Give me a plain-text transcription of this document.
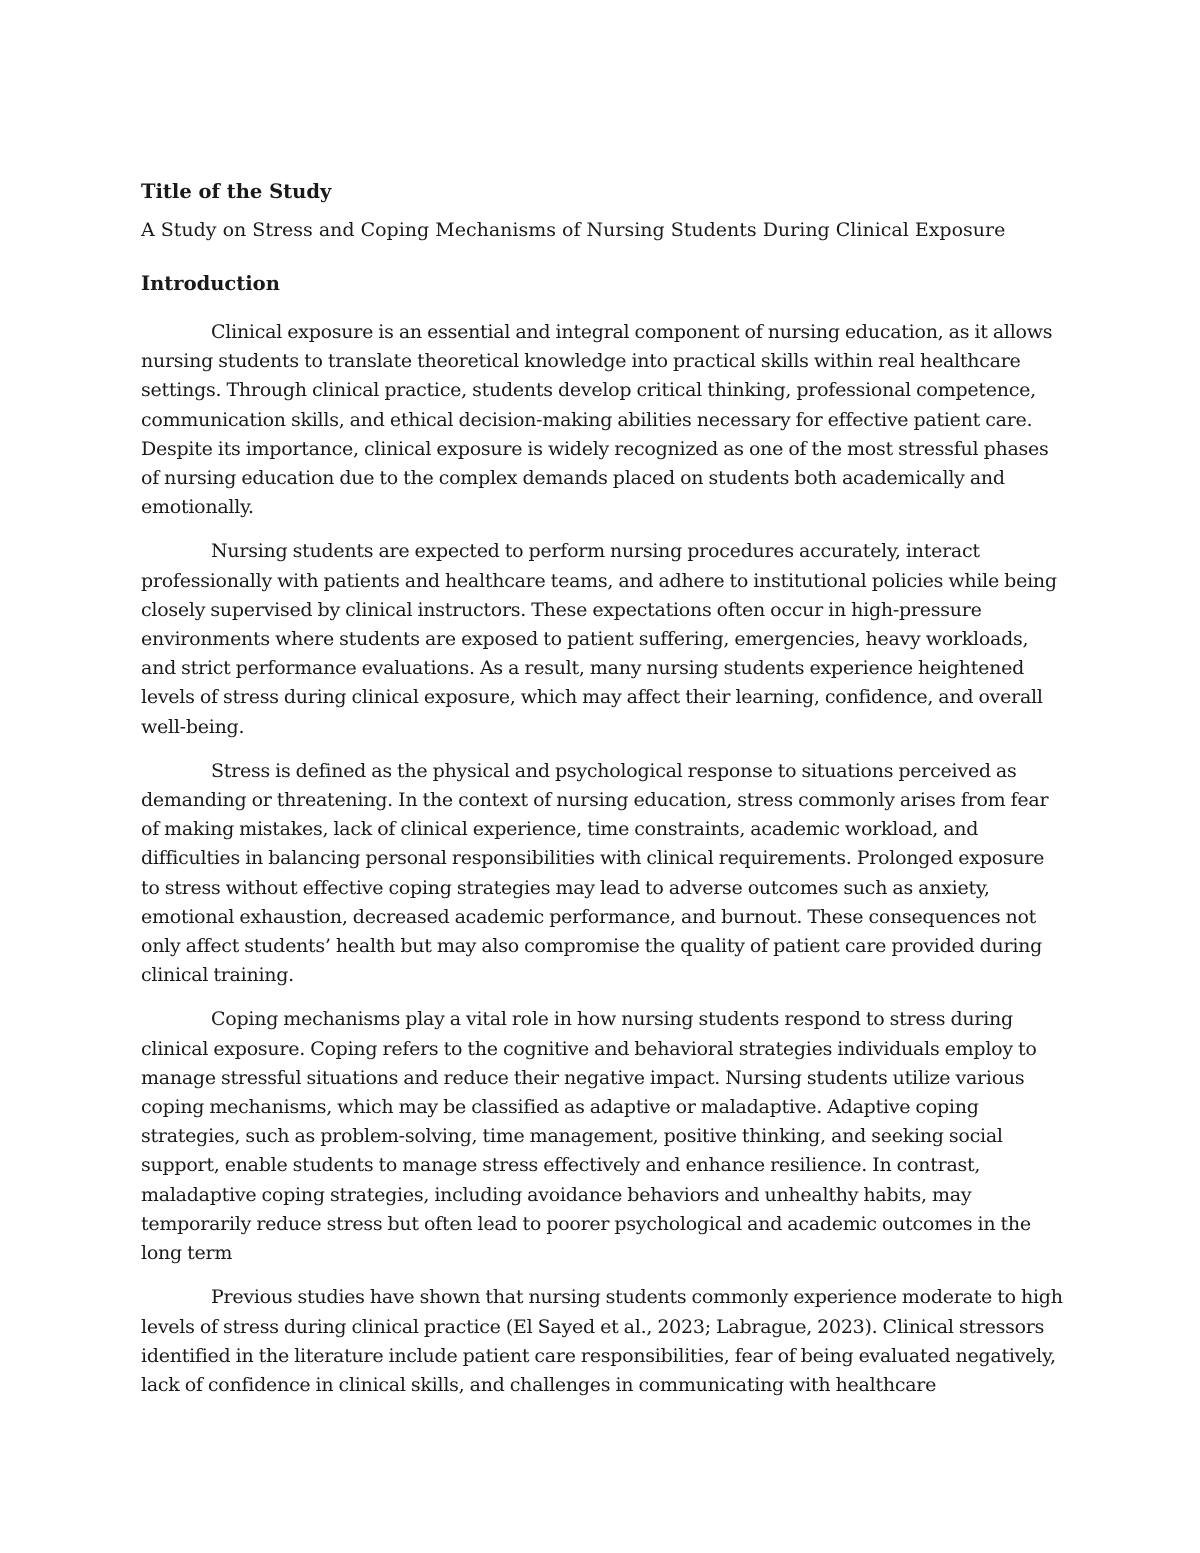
Title of the Study

A Study on Stress and Coping Mechanisms of Nursing Students During Clinical Exposure

Introduction

Clinical exposure is an essential and integral component of nursing education, as it allows nursing students to translate theoretical knowledge into practical skills within real healthcare settings. Through clinical practice, students develop critical thinking, professional competence, communication skills, and ethical decision-making abilities necessary for effective patient care. Despite its importance, clinical exposure is widely recognized as one of the most stressful phases of nursing education due to the complex demands placed on students both academically and emotionally.

Nursing students are expected to perform nursing procedures accurately, interact professionally with patients and healthcare teams, and adhere to institutional policies while being closely supervised by clinical instructors. These expectations often occur in high-pressure environments where students are exposed to patient suffering, emergencies, heavy workloads, and strict performance evaluations. As a result, many nursing students experience heightened levels of stress during clinical exposure, which may affect their learning, confidence, and overall well-being.

Stress is defined as the physical and psychological response to situations perceived as demanding or threatening. In the context of nursing education, stress commonly arises from fear of making mistakes, lack of clinical experience, time constraints, academic workload, and difficulties in balancing personal responsibilities with clinical requirements. Prolonged exposure to stress without effective coping strategies may lead to adverse outcomes such as anxiety, emotional exhaustion, decreased academic performance, and burnout. These consequences not only affect students’ health but may also compromise the quality of patient care provided during clinical training.

Coping mechanisms play a vital role in how nursing students respond to stress during clinical exposure. Coping refers to the cognitive and behavioral strategies individuals employ to manage stressful situations and reduce their negative impact. Nursing students utilize various coping mechanisms, which may be classified as adaptive or maladaptive. Adaptive coping strategies, such as problem-solving, time management, positive thinking, and seeking social support, enable students to manage stress effectively and enhance resilience. In contrast, maladaptive coping strategies, including avoidance behaviors and unhealthy habits, may temporarily reduce stress but often lead to poorer psychological and academic outcomes in the long term

Previous studies have shown that nursing students commonly experience moderate to high levels of stress during clinical practice (El Sayed et al., 2023; Labrague, 2023). Clinical stressors identified in the literature include patient care responsibilities, fear of being evaluated negatively, lack of confidence in clinical skills, and challenges in communicating with healthcare
